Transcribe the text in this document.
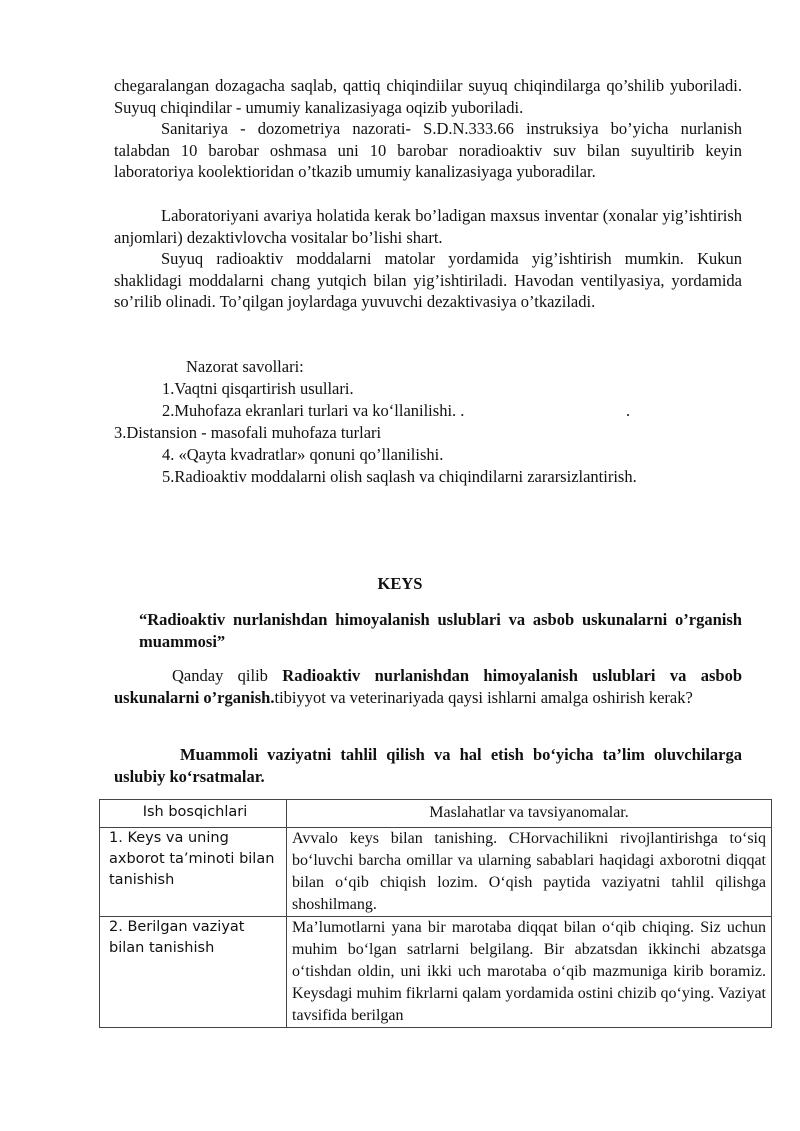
chegaralangan dozagacha saqlab, qattiq chiqindiilar suyuq chiqindilarga qo’shilib yuboriladi. Suyuq chiqindilar - umumiy kanalizasiyaga oqizib yuboriladi.

Sanitariya - dozometriya nazorati- S.D.N.333.66 instruksiya bo’yicha nurlanish talabdan 10 barobar oshmasa uni 10 barobar noradioaktiv suv bilan suyultirib keyin laboratoriya koolektioridan o’tkazib umumiy kanalizasiyaga yuboradilar.

Laboratoriyani avariya holatida kerak bo’ladigan maxsus inventar (xonalar yig’ishtirish anjomlari) dezaktivlovcha vositalar bo’lishi shart.

Suyuq radioaktiv moddalarni matolar yordamida yig’ishtirish mumkin. Kukun shaklidagi moddalarni chang yutqich bilan yig’ishtiriladi. Havodan ventilyasiya, yordamida so’rilib olinadi. To’qilgan joylardaga yuvuvchi dezaktivasiya o’tkaziladi.

Nazorat savollari:

1.Vaqtni qisqartirish usullari.

2.Muhofaza ekranlari turlari va ko‘llanilishi. .	.

3.Distansion - masofali muhofaza turlari

4. «Qayta kvadratlar» qonuni qo’llanilishi.

5.Radioaktiv moddalarni olish saqlash va chiqindilarni zararsizlantirish.

KEYS

“Radioaktiv nurlanishdan himoyalanish uslublari va asbob uskunalarni o’rganish muammosi”

Qanday qilib Radioaktiv nurlanishdan himoyalanish uslublari va asbob uskunalarni o’rganish.tibiyyot va veterinariyada qaysi ishlarni amalga oshirish kerak?

Muammoli vaziyatni tahlil qilish va hal etish bo‘yicha ta’lim oluvchilarga uslubiy ko‘rsatmalar.

Ish bosqichlari	Maslahatlar va tavsiyanomalar.
1. Keys va uning axborot ta’minoti bilan tanishish	Avvalo keys bilan tanishing. CHorvachilikni rivojlantirishga to‘siq bo‘luvchi barcha omillar va ularning sabablari haqidagi axborotni diqqat bilan o‘qib chiqish lozim. O‘qish paytida vaziyatni tahlil qilishga shoshilmang.
2. Berilgan vaziyat bilan tanishish	Ma’lumotlarni yana bir marotaba diqqat bilan o‘qib chiqing. Siz uchun muhim bo‘lgan satrlarni belgilang. Bir abzatsdan ikkinchi abzatsga o‘tishdan oldin, uni ikki uch marotaba o‘qib mazmuniga kirib boramiz. Keysdagi muhim fikrlarni qalam yordamida ostini chizib qo‘ying. Vaziyat tavsifida berilgan
